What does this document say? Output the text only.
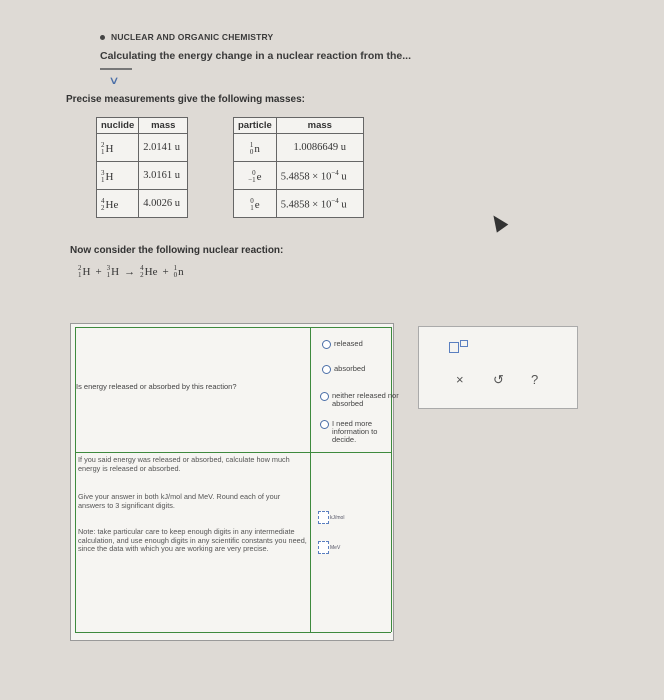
NUCLEAR AND ORGANIC CHEMISTRY
Calculating the energy change in a nuclear reaction from the...
∨
Precise measurements give the following masses:
nuclide	mass

2
1 H	2.0141 u

3
1 H	3.0161 u

4
2 He	4.0026 u
particle	mass

1
0 n	1.0086649 u

0
−1 e	$5.4858 \times 10^{-4}$ u

0
1 e	$5.4858 \times 10^{-4}$ u
Now consider the following nuclear reaction:
2
1 H + 3
1 H → 4
2 He + 1
0 n
Is energy released or absorbed by this reaction?
released
absorbed
neither released nor absorbed
I need more information to decide.
If you said energy was released or absorbed, calculate how much energy is released or absorbed.
Give your answer in both kJ/mol and MeV. Round each of your answers to 3 significant digits.
Note: take particular care to keep enough digits in any intermediate calculation, and use enough digits in any scientific constants you need, since the data with which you are working are very precise.
kJ/mol
MeV
× ↺ ?
